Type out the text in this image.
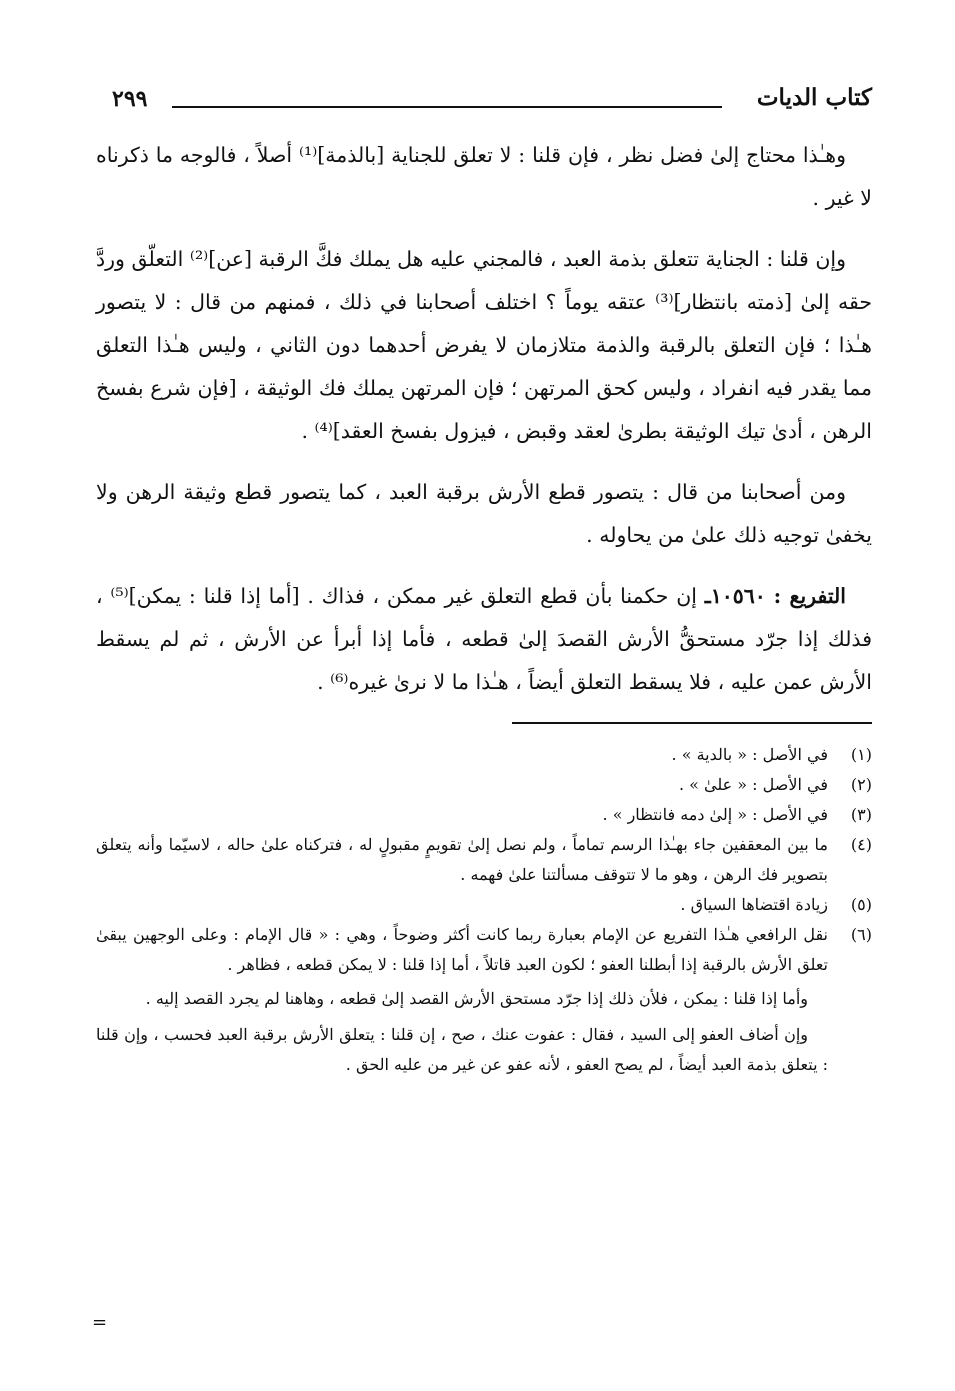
كتاب الديات
٢٩٩

وهـٰذا محتاج إلىٰ فضل نظر ، فإن قلنا : لا تعلق للجناية [بالذمة]⁽¹⁾ أصلاً ، فالوجه ما ذكرناه لا غير .

وإن قلنا : الجناية تتعلق بذمة العبد ، فالمجني عليه هل يملك فكَّ الرقبة [عن]⁽²⁾ التعلّق وردَّ حقه إلىٰ [ذمته بانتظار]⁽³⁾ عتقه يوماً ؟ اختلف أصحابنا في ذلك ، فمنهم من قال : لا يتصور هـٰذا ؛ فإن التعلق بالرقبة والذمة متلازمان لا يفرض أحدهما دون الثاني ، وليس هـٰذا التعلق مما يقدر فيه انفراد ، وليس كحق المرتهن ؛ فإن المرتهن يملك فك الوثيقة ، [فإن شرع بفسخ الرهن ، أدىٰ تيك الوثيقة بطرىٰ لعقد وقبض ، فيزول بفسخ العقد]⁽⁴⁾ .

ومن أصحابنا من قال : يتصور قطع الأرش برقبة العبد ، كما يتصور قطع وثيقة الرهن ولا يخفىٰ توجيه ذلك علىٰ من يحاوله .

التفريع : ١٠٥٦٠ـ إن حكمنا بأن قطع التعلق غير ممكن ، فذاك . [أما إذا قلنا : يمكن]⁽⁵⁾ ، فذلك إذا جرّد مستحقُّ الأرش القصدَ إلىٰ قطعه ، فأما إذا أبرأ عن الأرش ، ثم لم يسقط الأرش عمن عليه ، فلا يسقط التعلق أيضاً ، هـٰذا ما لا نرىٰ غيره⁽⁶⁾ .

(١)
في الأصل : « بالدية » .
(٢)
في الأصل : « علىٰ » .
(٣)
في الأصل : « إلىٰ دمه فانتظار » .
(٤)
ما بين المعقفين جاء بهـٰذا الرسم تماماً ، ولم نصل إلىٰ تقويمٍ مقبولٍ له ، فتركناه علىٰ حاله ، لاسيّما وأنه يتعلق بتصوير فك الرهن ، وهو ما لا تتوقف مسألتنا علىٰ فهمه .
(٥)
زيادة اقتضاها السياق .
(٦)
نقل الرافعي هـٰذا التفريع عن الإمام بعبارة ربما كانت أكثر وضوحاً ، وهي : « قال الإمام : وعلى الوجهين يبقىٰ تعلق الأرش بالرقبة إذا أبطلنا العفو ؛ لكون العبد قاتلاً ، أما إذا قلنا : لا يمكن قطعه ، فظاهر .

وأما إذا قلنا : يمكن ، فلأن ذلك إذا جرّد مستحق الأرش القصد إلىٰ قطعه ، وهاهنا لم يجرد القصد إليه .

وإن أضاف العفو إلى السيد ، فقال : عفوت عنك ، صح ، إن قلنا : يتعلق الأرش برقبة العبد فحسب ، وإن قلنا : يتعلق بذمة العبد أيضاً ، لم يصح العفو ، لأنه عفو عن غير من عليه الحق .

=
